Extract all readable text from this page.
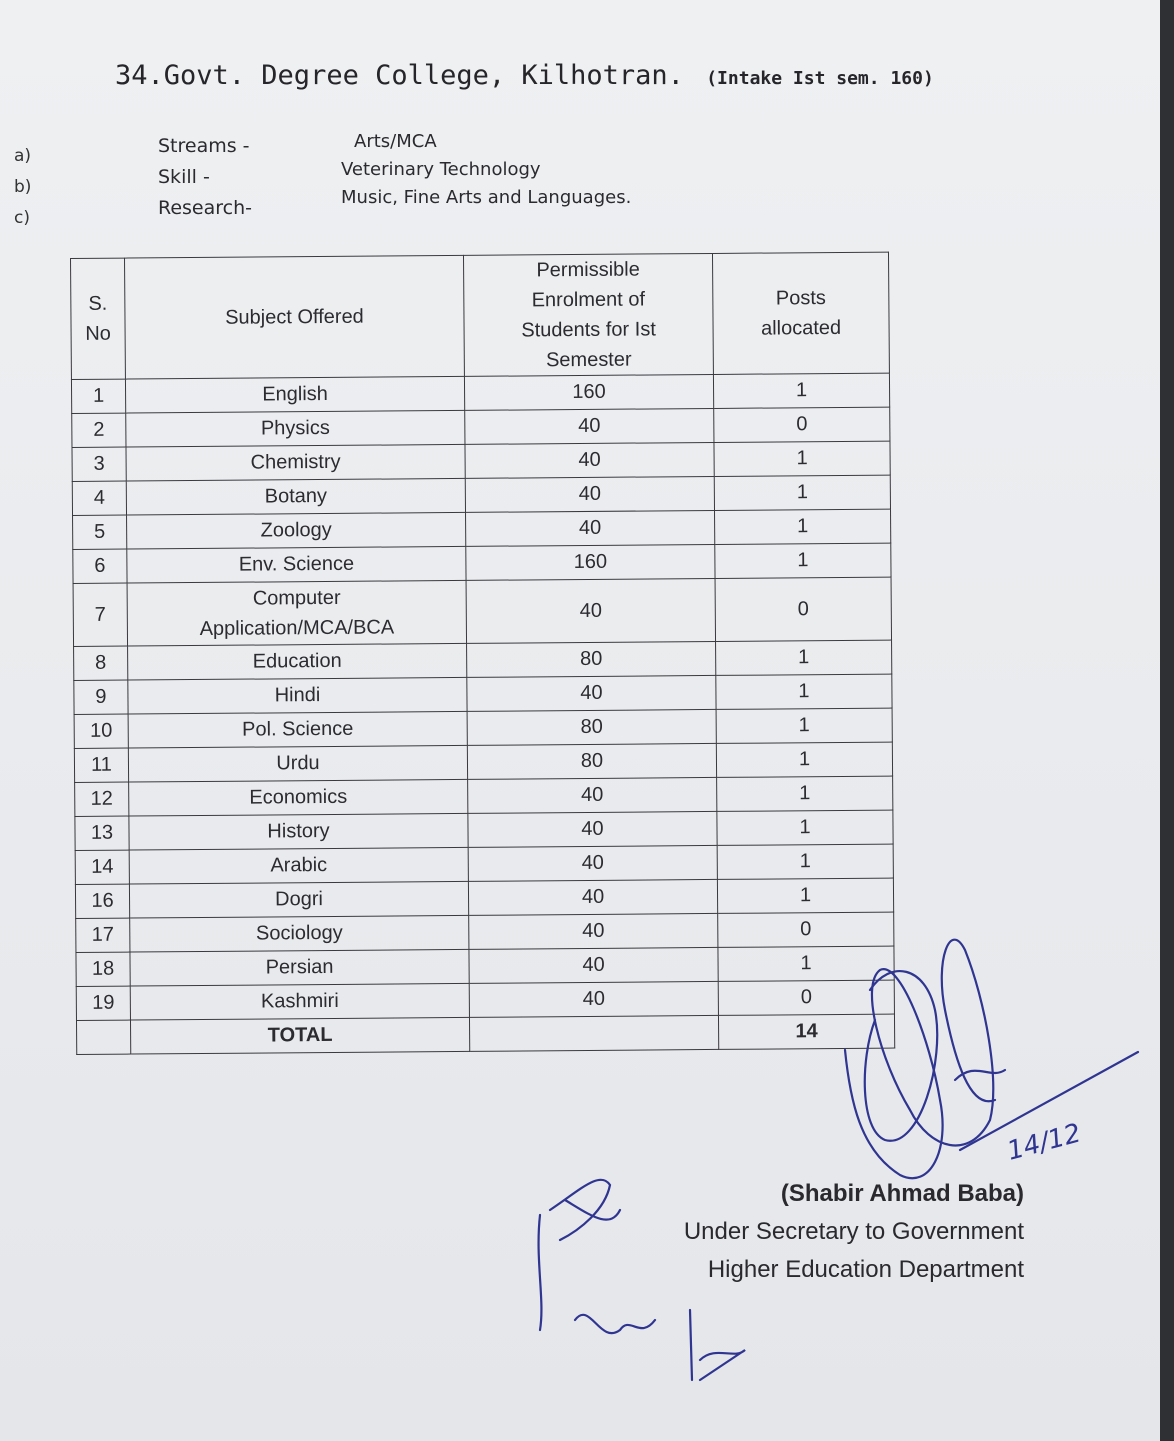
34.Govt. Degree College, Kilhotran. (Intake Ist sem. 160)
a)
b)
c)
Streams -
Skill -
Research-
Arts/MCA
Veterinary Technology
Music, Fine Arts and Languages.
S. No	Subject Offered	Permissible Enrolment of Students for Ist Semester	Posts allocated
1	English	160	1
2	Physics	40	0
3	Chemistry	40	1
4	Botany	40	1
5	Zoology	40	1
6	Env. Science	160	1
7	Computer Application/MCA/BCA	40	0
8	Education	80	1
9	Hindi	40	1
10	Pol. Science	80	1
11	Urdu	80	1
12	Economics	40	1
13	History	40	1
14	Arabic	40	1
16	Dogri	40	1
17	Sociology	40	0
18	Persian	40	1
19	Kashmiri	40	0
	TOTAL		14
14/12
(Shabir Ahmad Baba)
Under Secretary to Government
Higher Education Department
